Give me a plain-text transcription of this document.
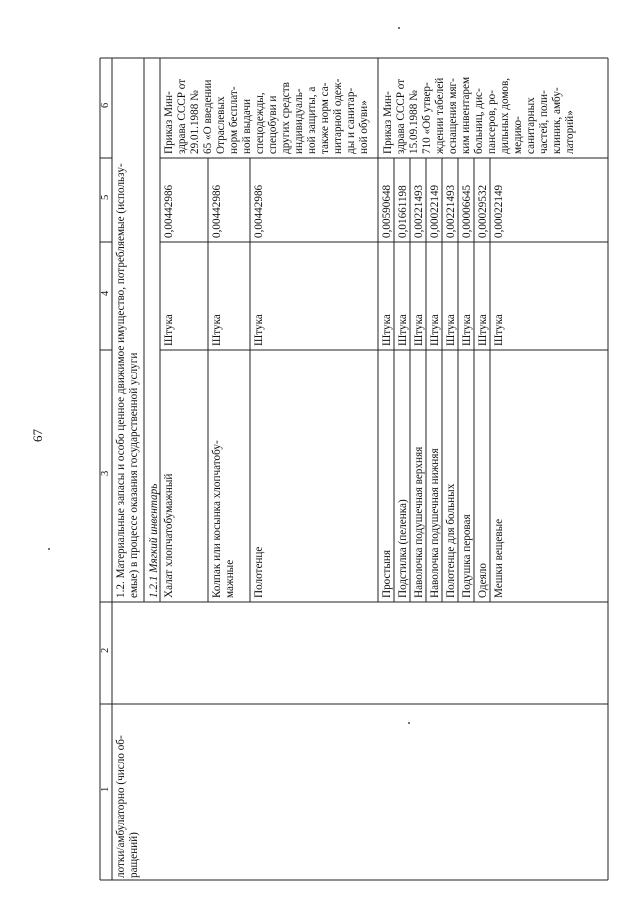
67
1
2
3
4
5
6
лотки/амбулаторно (число об- ращений)
1.2. Материальные запасы и особо ценное движимое имущество, потребляемые (использу- емые) в процессе оказания государственной услуги 1.2.1 Мягкий инвентарь Халат хлопчатобумажный
Штука
0,00442986
Колпак или косынка хлопчатобу- мажные
Штука
0,00442986
Полотенце
Штука
0,00442986
Простыня
Штука
0,00590648
Подстилка (пеленка)
Штука
0,01661198
Наволочка подушечная верхняя
Штука
0,00221493
Наволочка подушечная нижняя
Штука
0,00022149
Полотенце для больных
Штука
0,00221493
Подушка перовая
Штука
0,00006645
Одеяло
Штука
0,00029532
Мешки вещевые
Штука
0,00022149
Приказ Мин- здрава СССР от 29.01.1988 № 65 «О введении Отраслевых норм бесплат- ной выдачи спецодежды, спецобуви и других средств индивидуаль- ной защиты, а также норм са- нитарной одеж- ды и санитар- ной обуви» Приказ Мин- здрава СССР от 15.09.1988 № 710 «Об утвер- ждении табелей оснащения мяг- ким инвентарем больниц, дис- пансеров, ро- дильных домов, медико- санитарных частей, поли- клиник, амбу- латорий»
